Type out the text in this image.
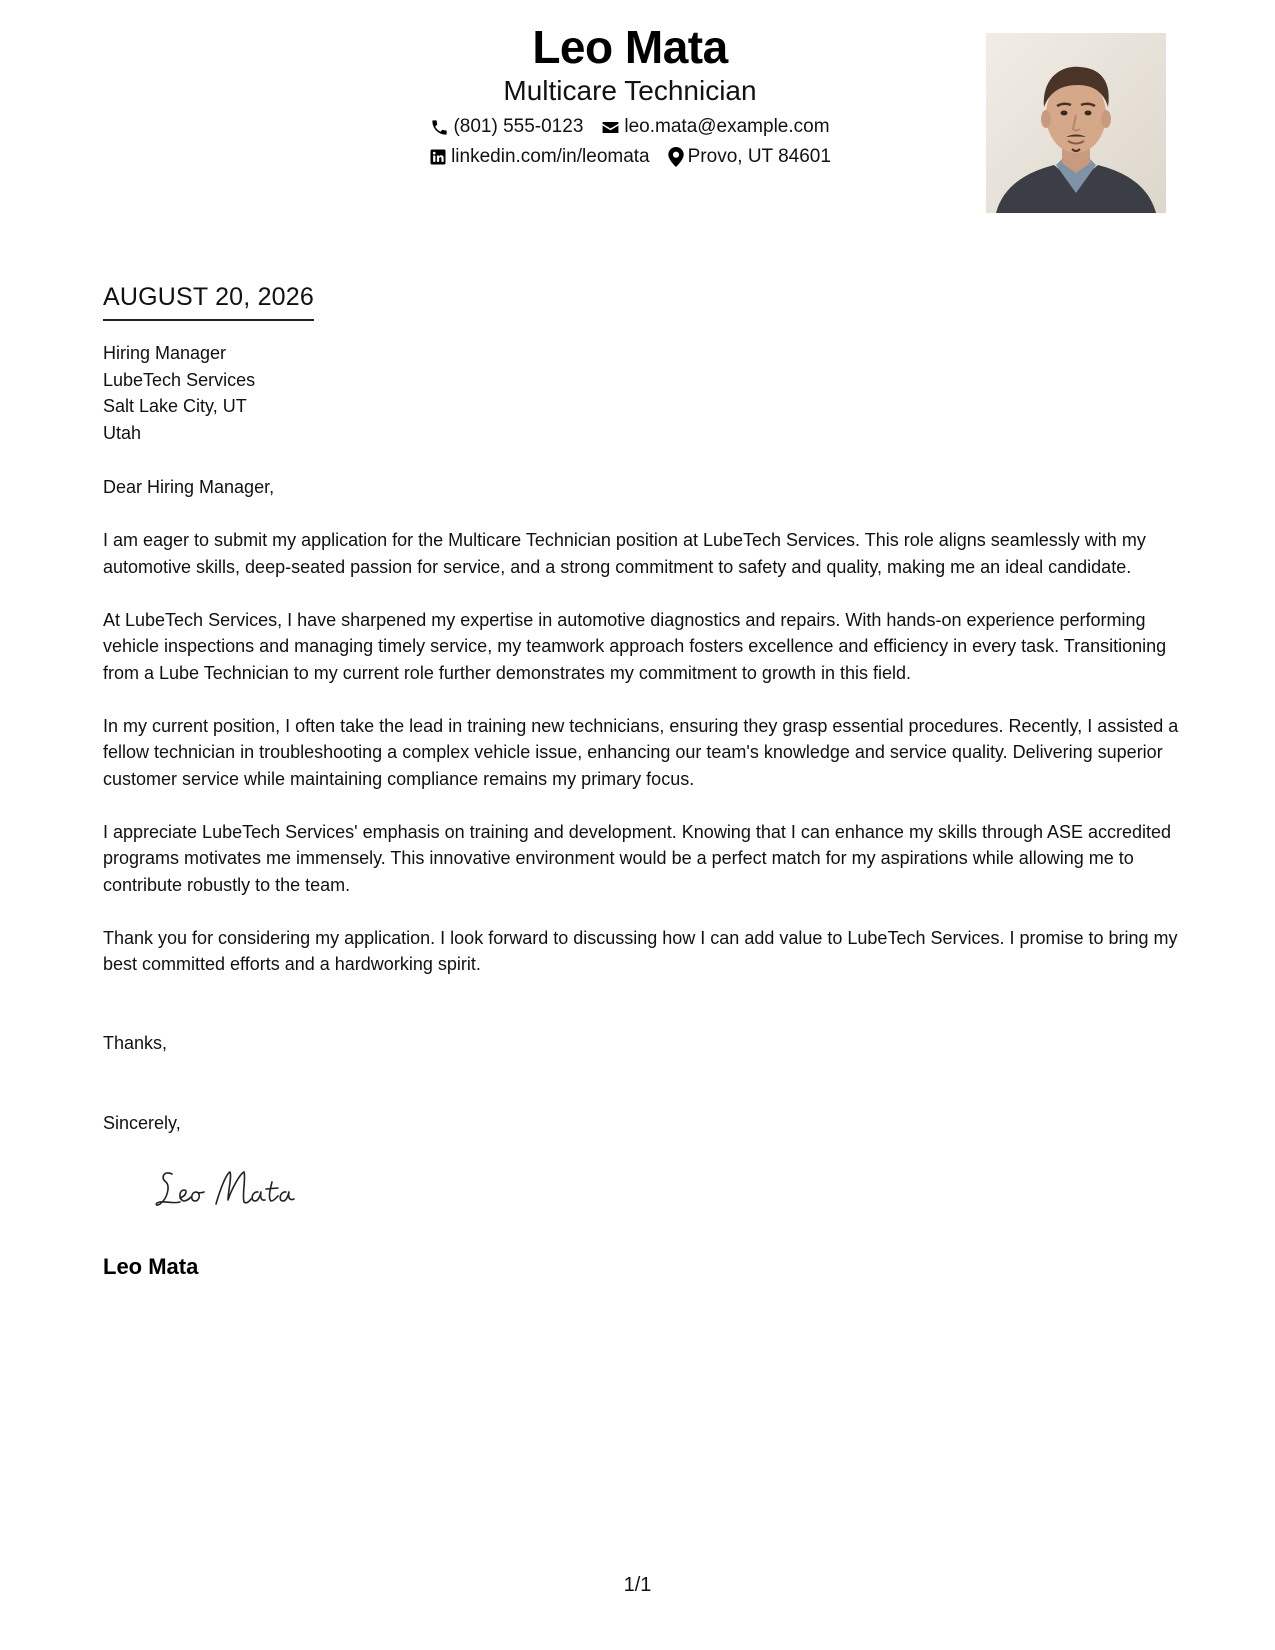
Leo Mata
Multicare Technician
(801) 555-0123 leo.mata@example.com
linkedin.com/in/leomata Provo, UT 84601
AUGUST 20, 2026
Hiring Manager
LubeTech Services
Salt Lake City, UT
Utah
Dear Hiring Manager,

I am eager to submit my application for the Multicare Technician position at LubeTech Services. This role aligns seamlessly with my automotive skills, deep-seated passion for service, and a strong commitment to safety and quality, making me an ideal candidate.

At LubeTech Services, I have sharpened my expertise in automotive diagnostics and repairs. With hands-on experience performing vehicle inspections and managing timely service, my teamwork approach fosters excellence and efficiency in every task. Transitioning from a Lube Technician to my current role further demonstrates my commitment to growth in this field.

In my current position, I often take the lead in training new technicians, ensuring they grasp essential procedures. Recently, I assisted a fellow technician in troubleshooting a complex vehicle issue, enhancing our team's knowledge and service quality. Delivering superior customer service while maintaining compliance remains my primary focus.

I appreciate LubeTech Services' emphasis on training and development. Knowing that I can enhance my skills through ASE accredited programs motivates me immensely. This innovative environment would be a perfect match for my aspirations while allowing me to contribute robustly to the team.

Thank you for considering my application. I look forward to discussing how I can add value to LubeTech Services. I promise to bring my best committed efforts and a hardworking spirit.

Thanks,
Sincerely,
Leo Mata
1/1
